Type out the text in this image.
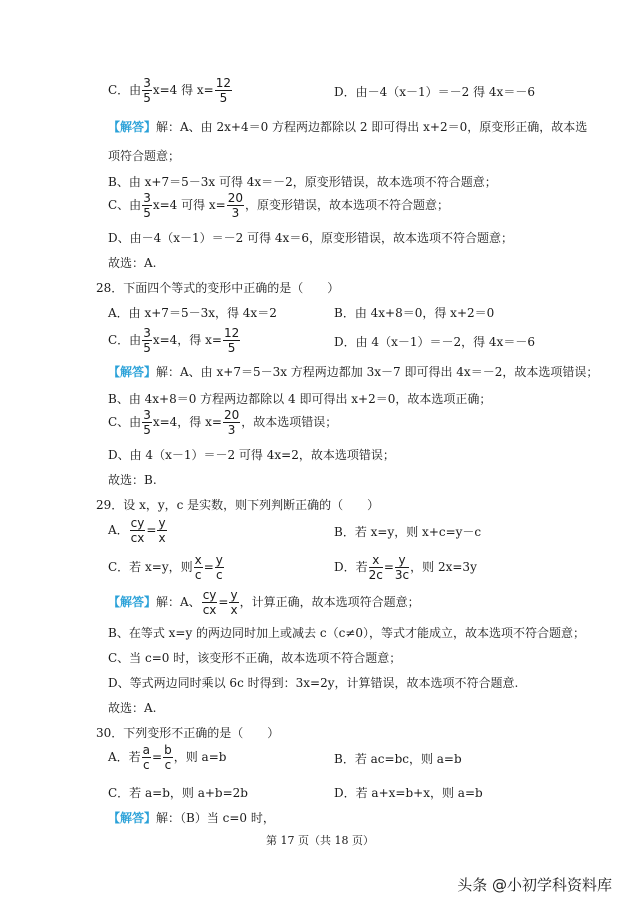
C．由 $\frac{3}{5} x=4$ 得 $x= \frac{12}{5}$	D．由－4（x－1）＝－2 得 4x＝－6
【解答】解：A、由 2x+4＝0 方程两边都除以 2 即可得出 x+2＝0，原变形正确，故本选
项符合题意；
B、由 x+7＝5－3x 可得 4x＝－2，原变形错误，故本选项不符合题意；
C、由 $\frac{3}{5} x=4$ 可得 $x= \frac{20}{3}$ ，原变形错误，故本选项不符合题意；
D、由－4（x－1）＝－2 可得 4x＝6，原变形错误，故本选项不符合题意；
故选：A.
28．下面四个等式的变形中正确的是（　　）
A．由 x+7＝5－3x，得 4x＝2	B．由 4x+8＝0，得 x+2＝0
C．由 $\frac{3}{5} x=4$，得 $x= \frac{12}{5}$	D．由 4（x－1）＝－2，得 4x＝－6
【解答】解：A、由 x+7＝5－3x 方程两边都加 3x－7 即可得出 4x＝－2，故本选项错误；
B、由 4x+8＝0 方程两边都除以 4 即可得出 x+2＝0，故本选项正确；
C、由 $\frac{3}{5} x=4$，得 $x= \frac{20}{3}$ ，故本选项错误；
D、由 4（x－1）＝－2 可得 4x=2，故本选项错误；
故选：B.
29．设 x，y，c 是实数，则下列判断正确的（　　）
A． $\frac{cy}{cx} = \frac{y}{x}$	B．若 x=y，则 x+c=y－c
C．若 x=y，则 $\frac{x}{c} = \frac{y}{c}$	D．若 $\frac{x}{2c} = \frac{y}{3c}$ ，则 2x=3y
【解答】解：A、 $\frac{cy}{cx} = \frac{y}{x}$ ，计算正确，故本选项符合题意；
B、在等式 x=y 的两边同时加上或减去 c（c≠0），等式才能成立，故本选项不符合题意；
C、当 c=0 时，该变形不正确，故本选项不符合题意；
D、等式两边同时乘以 6c 时得到：3x=2y，计算错误，故本选项不符合题意.
故选：A.
30．下列变形不正确的是（　　）
A．若 $\frac{a}{c} = \frac{b}{c}$ ，则 a=b	B．若 ac=bc，则 a=b
C．若 a=b，则 a+b=2b	D．若 a+x=b+x，则 a=b
【解答】解：（B）当 c=0 时，
第 17 页（共 18 页）
头条 @小初学科资料库
